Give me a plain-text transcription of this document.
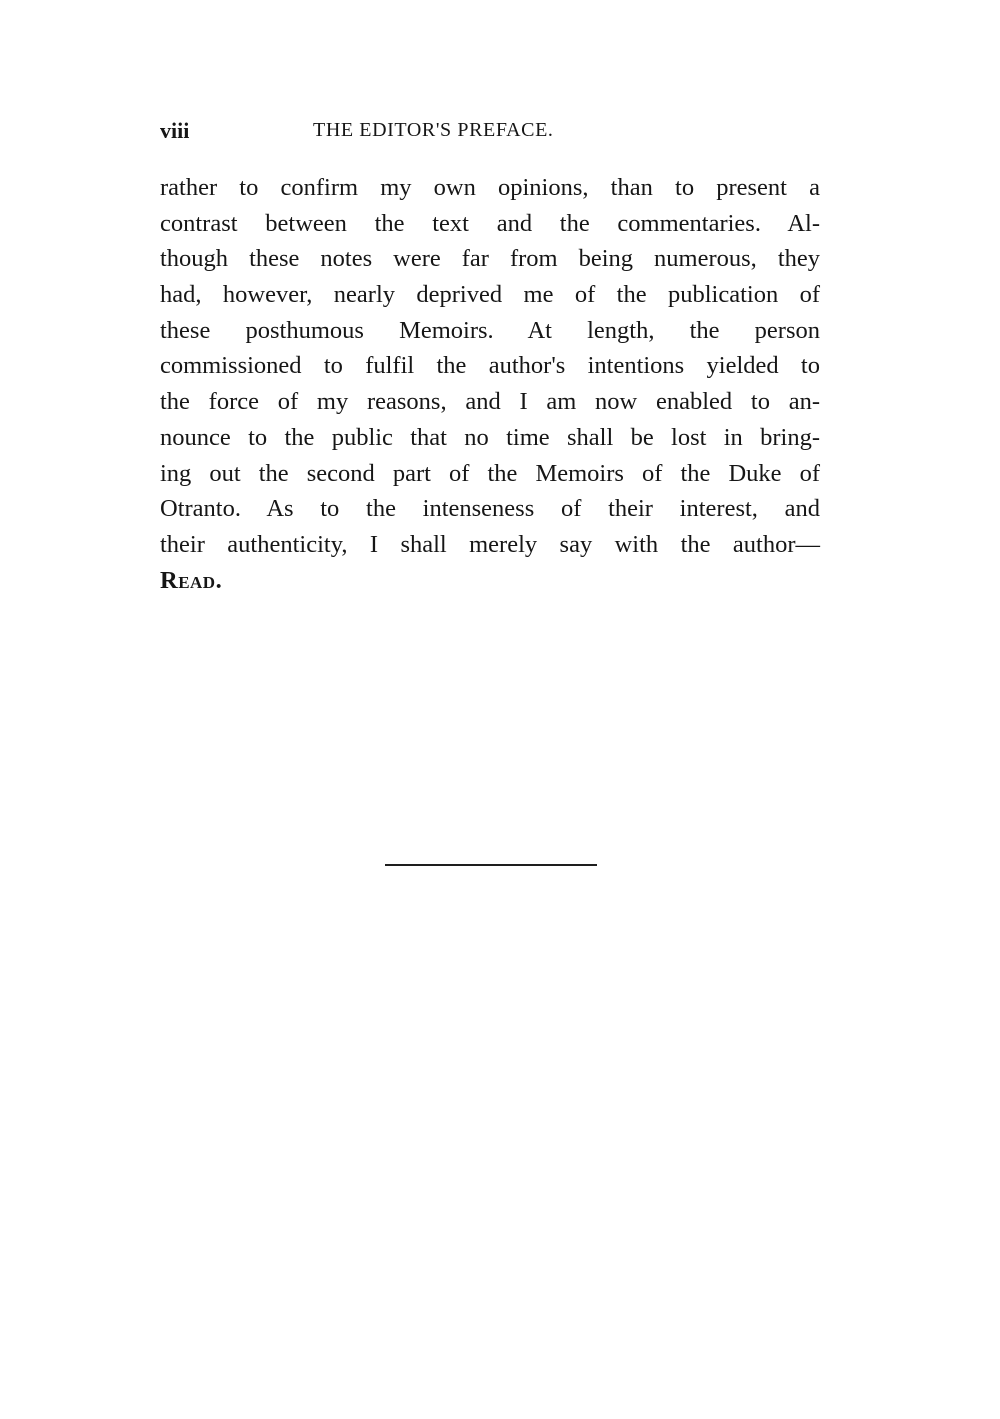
viii	THE EDITOR'S PREFACE.
rather to confirm my own opinions, than to present a
contrast between the text and the commentaries. Al-
though these notes were far from being numerous, they
had, however, nearly deprived me of the publication of
these posthumous Memoirs. At length, the person
commissioned to fulfil the author's intentions yielded to
the force of my reasons, and I am now enabled to an-
nounce to the public that no time shall be lost in bring-
ing out the second part of the Memoirs of the Duke of
Otranto. As to the intenseness of their interest, and
their authenticity, I shall merely say with the author—
Read.
